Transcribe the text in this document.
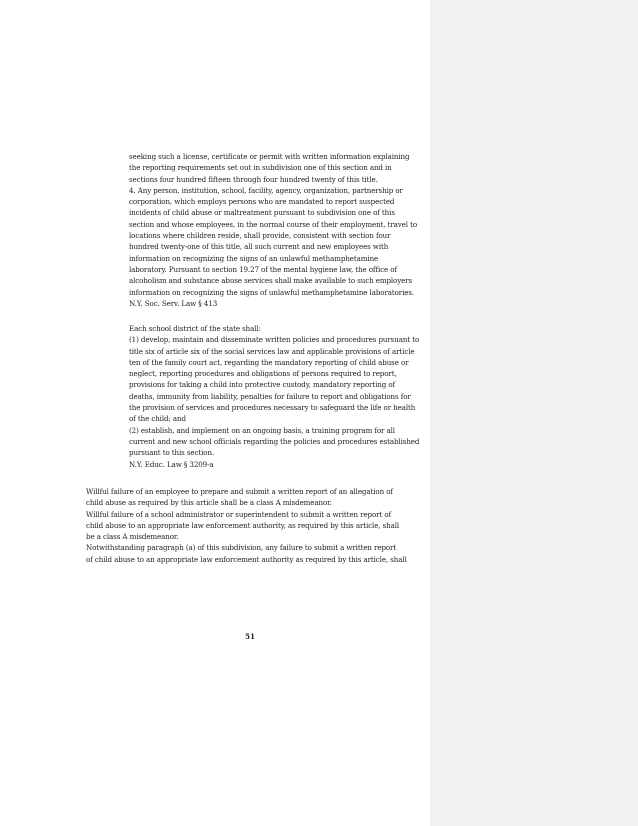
seeking such a license, certificate or permit with written information explaining

the reporting requirements set out in subdivision one of this section and in

sections four hundred fifteen through four hundred twenty of this title.

4. Any person, institution, school, facility, agency, organization, partnership or

corporation, which employs persons who are mandated to report suspected

incidents of child abuse or maltreatment pursuant to subdivision one of this

section and whose employees, in the normal course of their employment, travel to

locations where children reside, shall provide, consistent with section four

hundred twenty-one of this title, all such current and new employees with

information on recognizing the signs of an unlawful methamphetamine

laboratory. Pursuant to section 19.27 of the mental hygiene law, the office of

alcoholism and substance abuse services shall make available to such employers

information on recognizing the signs of unlawful methamphetamine laboratories.

N.Y. Soc. Serv. Law § 413

Each school district of the state shall:

(1) develop, maintain and disseminate written policies and procedures pursuant to

title six of article six of the social services law and applicable provisions of article

ten of the family court act, regarding the mandatory reporting of child abuse or

neglect, reporting procedures and obligations of persons required to report,

provisions for taking a child into protective custody, mandatory reporting of

deaths, immunity from liability, penalties for failure to report and obligations for

the provision of services and procedures necessary to safeguard the life or health

of the child; and

(2) establish, and implement on an ongoing basis, a training program for all

current and new school officials regarding the policies and procedures established

pursuant to this section.

N.Y. Educ. Law § 3209-a

Willful failure of an employee to prepare and submit a written report of an allegation of

child abuse as required by this article shall be a class A misdemeanor.

Willful failure of a school administrator or superintendent to submit a written report of

child abuse to an appropriate law enforcement authority, as required by this article, shall

be a class A misdemeanor.

Notwithstanding paragraph (a) of this subdivision, any failure to submit a written report

of child abuse to an appropriate law enforcement authority as required by this article, shall

51
